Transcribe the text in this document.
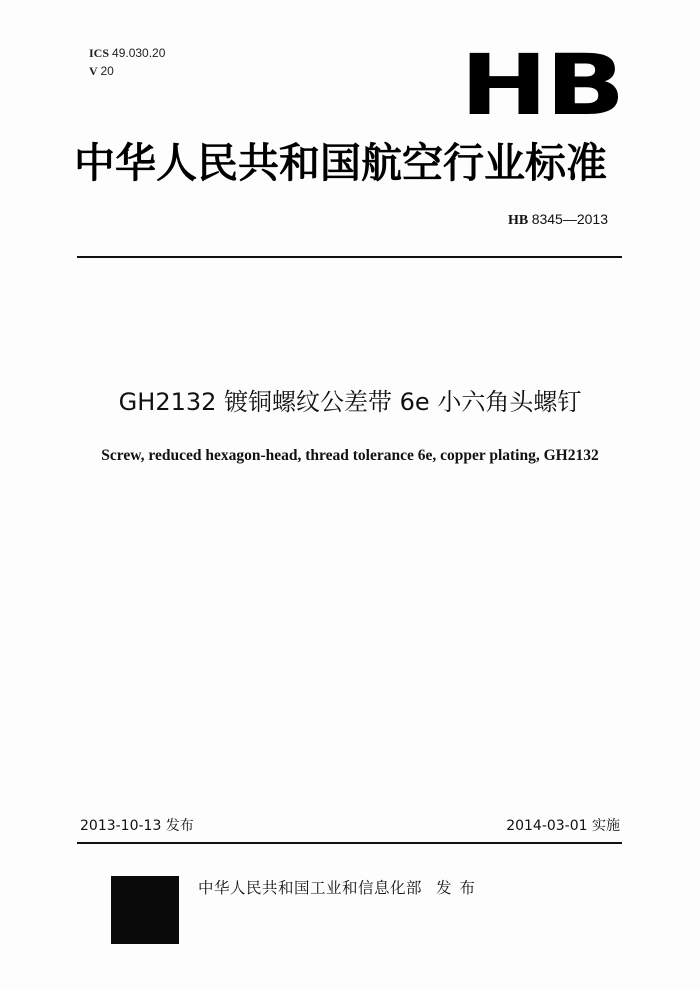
ICS 49.030.20
V 20	HB
中华人民共和国航空行业标准
HB 8345—2013
GH2132 镀铜螺纹公差带 6e 小六角头螺钉
Screw, reduced hexagon-head, thread tolerance 6e, copper plating, GH2132
2013-10-13 发布	2014-03-01 实施
中华人民共和国工业和信息化部 发布
